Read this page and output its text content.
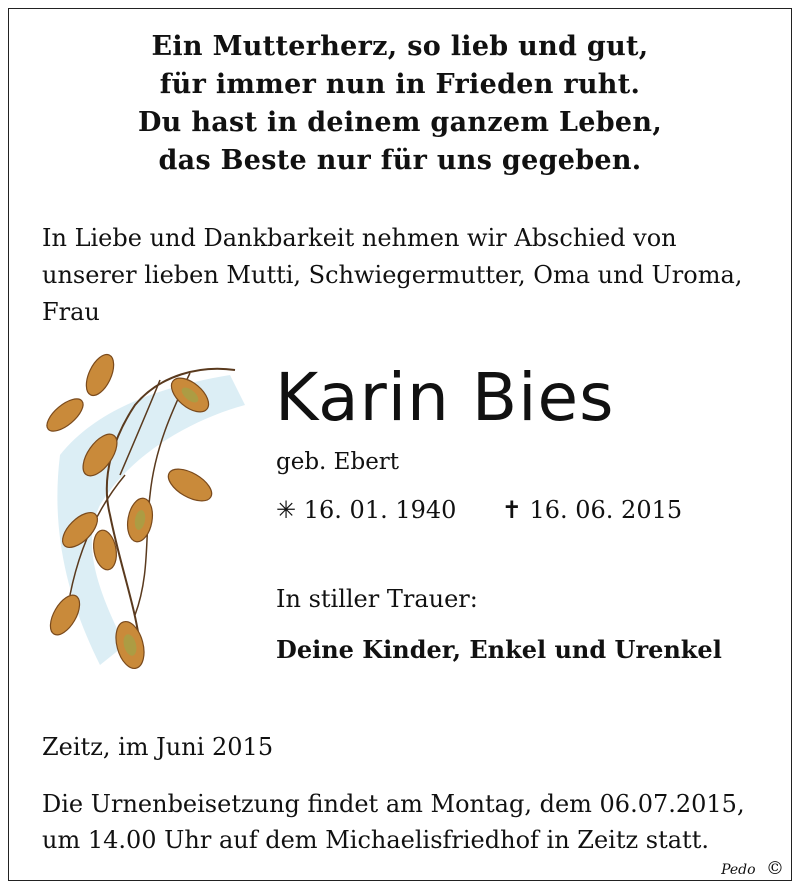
Ein Mutterherz, so lieb und gut,
für immer nun in Frieden ruht.
Du hast in deinem ganzem Leben,
das Beste nur für uns gegeben.
In Liebe und Dankbarkeit nehmen wir Abschied von
unserer lieben Mutti, Schwiegermutter, Oma und Uroma,
Frau
Karin Bies
geb. Ebert
✳ 16. 01. 1940 ✝ 16. 06. 2015
In stiller Trauer:
Deine Kinder, Enkel und Urenkel
Zeitz, im Juni 2015
Die Urnenbeisetzung findet am Montag, dem 06.07.2015,
um 14.00 Uhr auf dem Michaelisfriedhof in Zeitz statt.
Pedo ©
